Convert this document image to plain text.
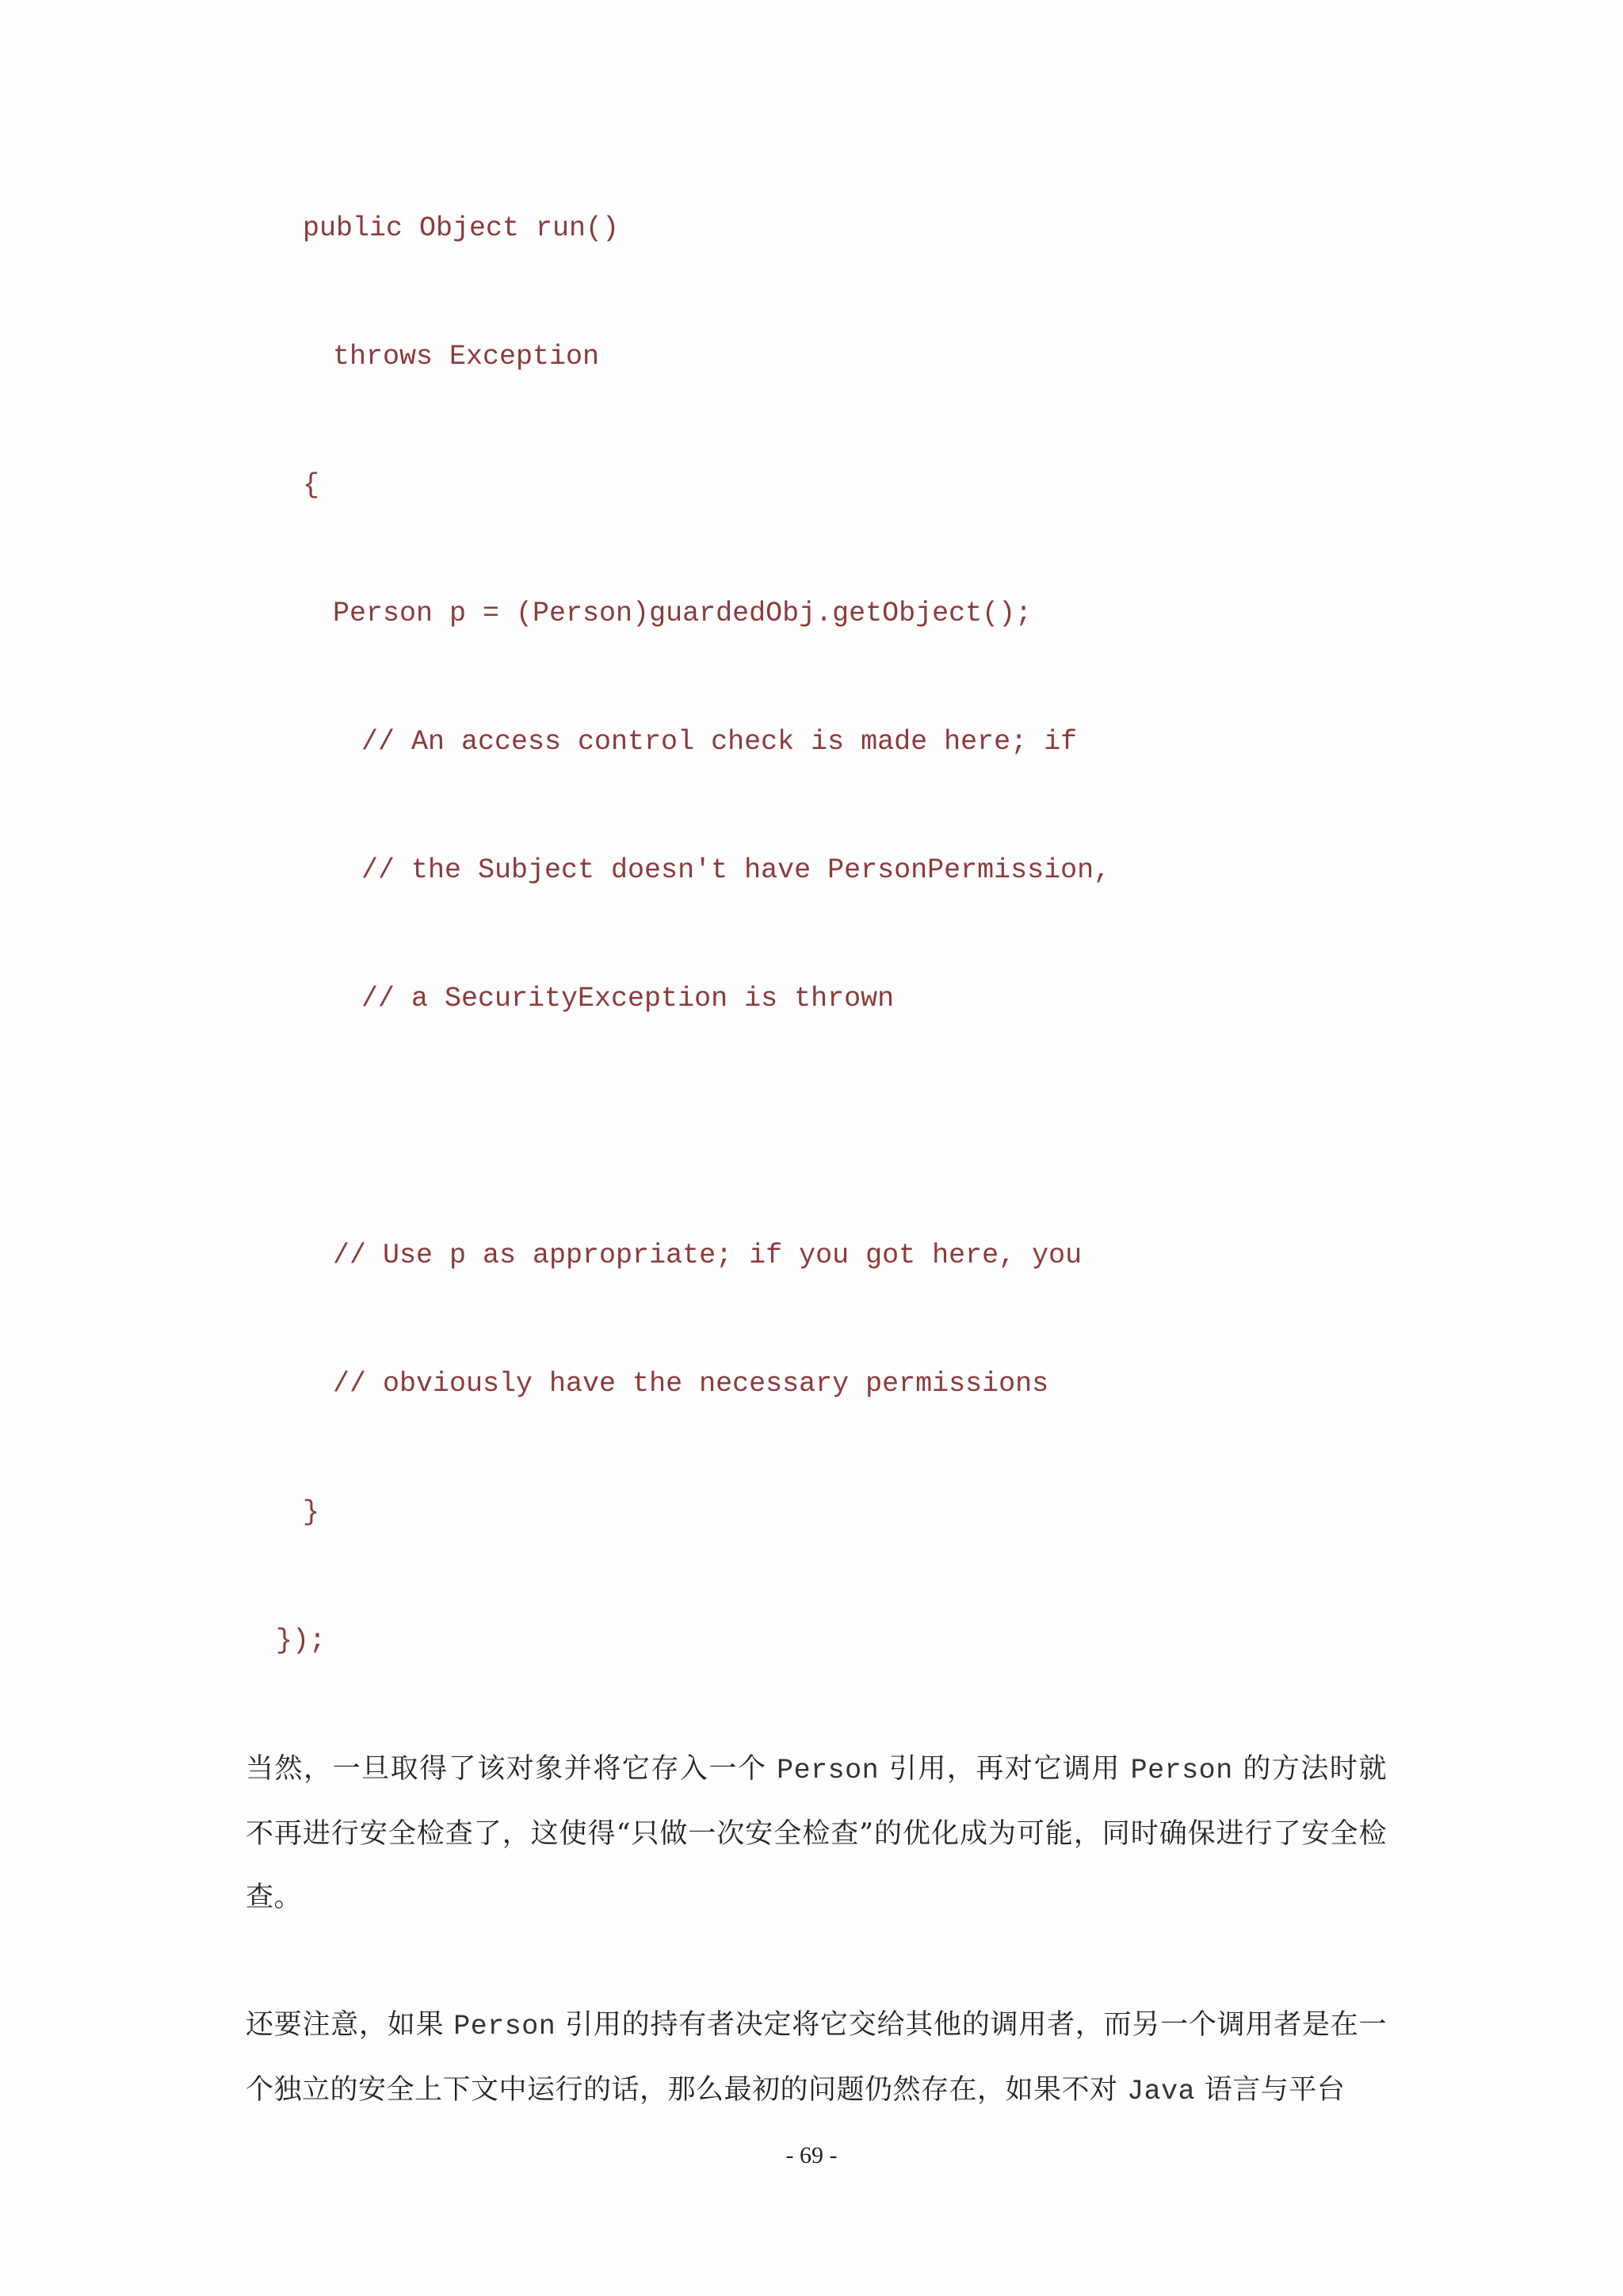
public Object run()
throws Exception
{
Person p = (Person)guardedObj.getObject();
// An access control check is made here; if
// the Subject doesn't have PersonPermission,
// a SecurityException is thrown
// Use p as appropriate; if you got here, you
// obviously have the necessary permissions
}
});

当然，一旦取得了该对象并将它存入一个 Person 引用，再对它调用 Person 的方法时就不再进行安全检查了，这使得“只做一次安全检查”的优化成为可能，同时确保进行了安全检查。

还要注意，如果 Person 引用的持有者决定将它交给其他的调用者，而另一个调用者是在一个独立的安全上下文中运行的话，那么最初的问题仍然存在，如果不对 Java 语言与平台

- 69 -
